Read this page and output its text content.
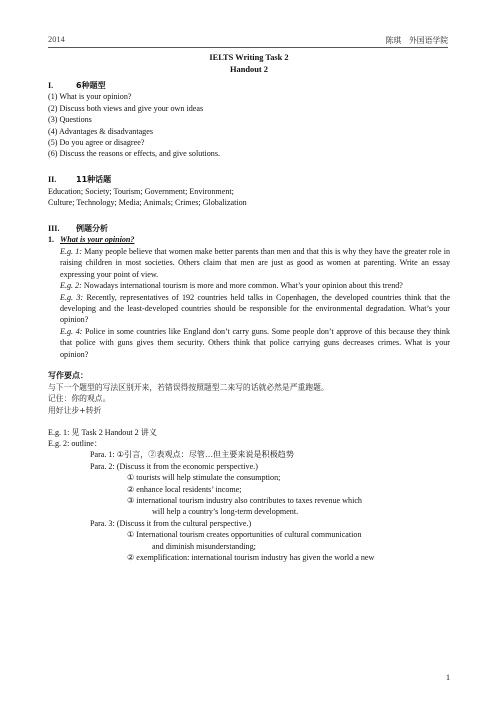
2014	陈琪　外国语学院
IELTS Writing Task 2
Handout 2
I.	6种题型
(1) What is your opinion?
(2) Discuss both views and give your own ideas
(3) Questions
(4) Advantages & disadvantages
(5) Do you agree or disagree?
(6) Discuss the reasons or effects, and give solutions.
II. 11种话题
Education; Society; Tourism; Government; Environment;
Culture; Technology; Media; Animals; Crimes; Globalization
III. 例题分析
1. What is your opinion?
E.g. 1: Many people believe that women make better parents than men and that this is why they have the greater role in raising children in most societies. Others claim that men are just as good as women at parenting. Write an essay expressing your point of view.
E.g. 2: Nowadays international tourism is more and more common. What’s your opinion about this trend?
E.g. 3: Recently, representatives of 192 countries held talks in Copenhagen, the developed countries think that the developing and the least-developed countries should be responsible for the environmental degradation. What’s your opinion?
E.g. 4: Police in some countries like England don’t carry guns. Some people don’t approve of this because they think that police with guns gives them security. Others think that police carrying guns decreases crimes. What is your opinion?
写作要点：
与下一个题型的写法区别开来，若错误得按照题型二来写的话就必然是严重跑题。
记住：你的观点。
用好让步+转折
E.g. 1: 见 Task 2 Handout 2 讲义
E.g. 2: outline：
Para. 1: ①引言，②表观点：尽管…但主要来说是积极趋势
Para. 2: (Discuss it from the economic perspective.)
① tourists will help stimulate the consumption;
② enhance local residents’ income;
③ international tourism industry also contributes to taxes revenue which
will help a country’s long-term development.
Para. 3: (Discuss it from the cultural perspective.)
① International tourism creates opportunities of cultural communication
and diminish misunderstanding;
② exemplification: international tourism industry has given the world a new
1
